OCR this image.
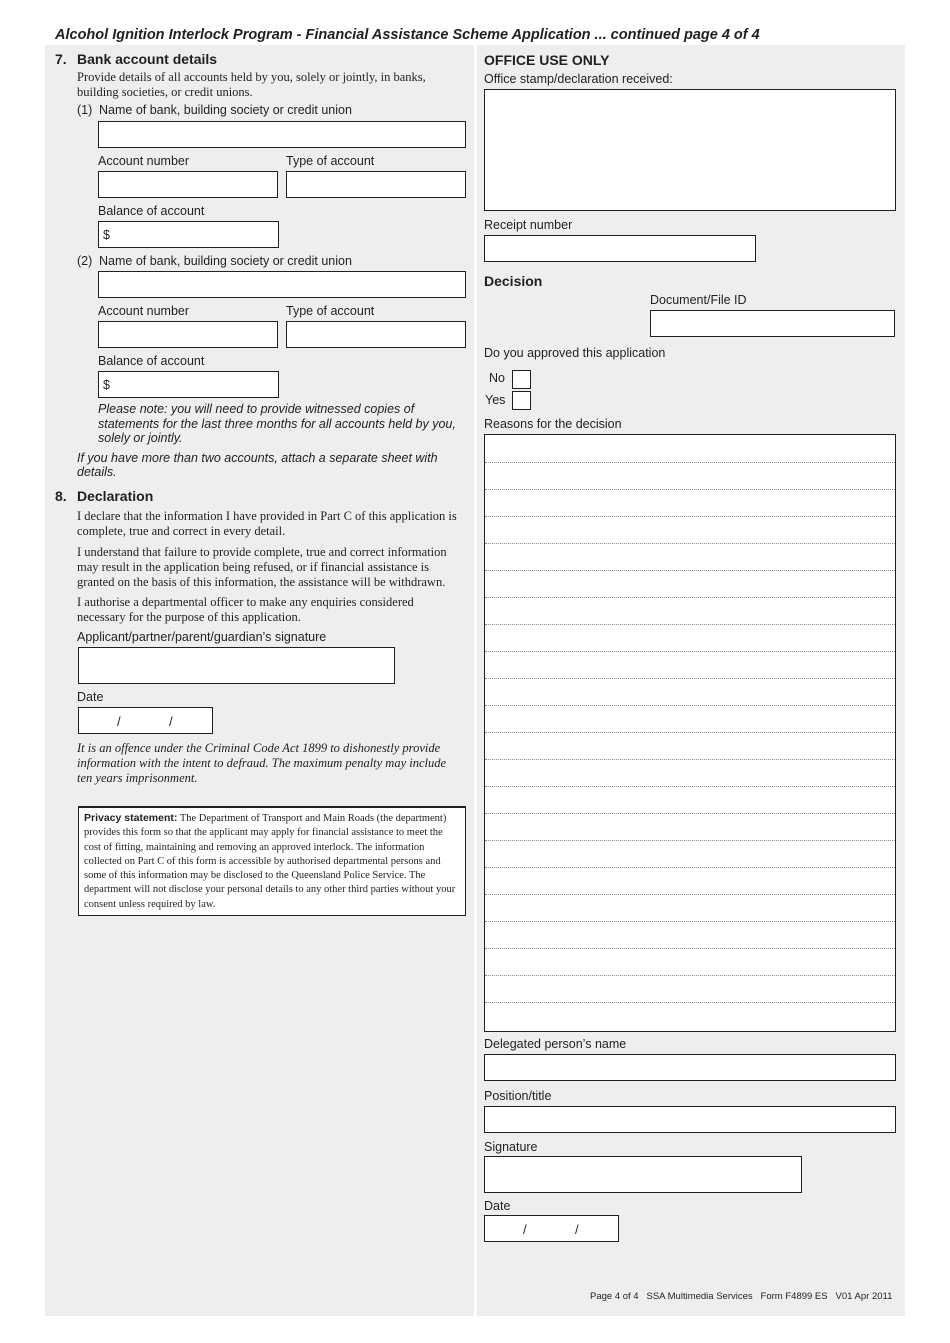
Alcohol Ignition Interlock Program - Financial Assistance Scheme Application ... continued page 4 of 4
7. Bank account details
Provide details of all accounts held by you, solely or jointly, in banks, building societies, or credit unions.
(1) Name of bank, building society or credit union
Account number	Type of account
Balance of account
$
(2) Name of bank, building society or credit union
Account number	Type of account
Balance of account
$
Please note: you will need to provide witnessed copies of statements for the last three months for all accounts held by you, solely or jointly.
If you have more than two accounts, attach a separate sheet with details.
8. Declaration
I declare that the information I have provided in Part C of this application is complete, true and correct in every detail.
I understand that failure to provide complete, true and correct information may result in the application being refused, or if financial assistance is granted on the basis of this information, the assistance will be withdrawn.
I authorise a departmental officer to make any enquiries considered necessary for the purpose of this application.
Applicant/partner/parent/guardian’s signature
Date
/	/
It is an offence under the Criminal Code Act 1899 to dishonestly provide information with the intent to defraud. The maximum penalty may include ten years imprisonment.
Privacy statement: The Department of Transport and Main Roads (the department) provides this form so that the applicant may apply for financial assistance to meet the cost of fitting, maintaining and removing an approved interlock. The information collected on Part C of this form is accessible by authorised departmental persons and some of this information may be disclosed to the Queensland Police Service. The department will not disclose your personal details to any other third parties without your consent unless required by law.
OFFICE USE ONLY
Office stamp/declaration received:
Receipt number
Decision
Document/File ID
Do you approved this application
No
Yes
Reasons for the decision
Delegated person’s name
Position/title
Signature
Date
/	/
Page 4 of 4   SSA Multimedia Services   Form F4899 ES   V01 Apr 2011
